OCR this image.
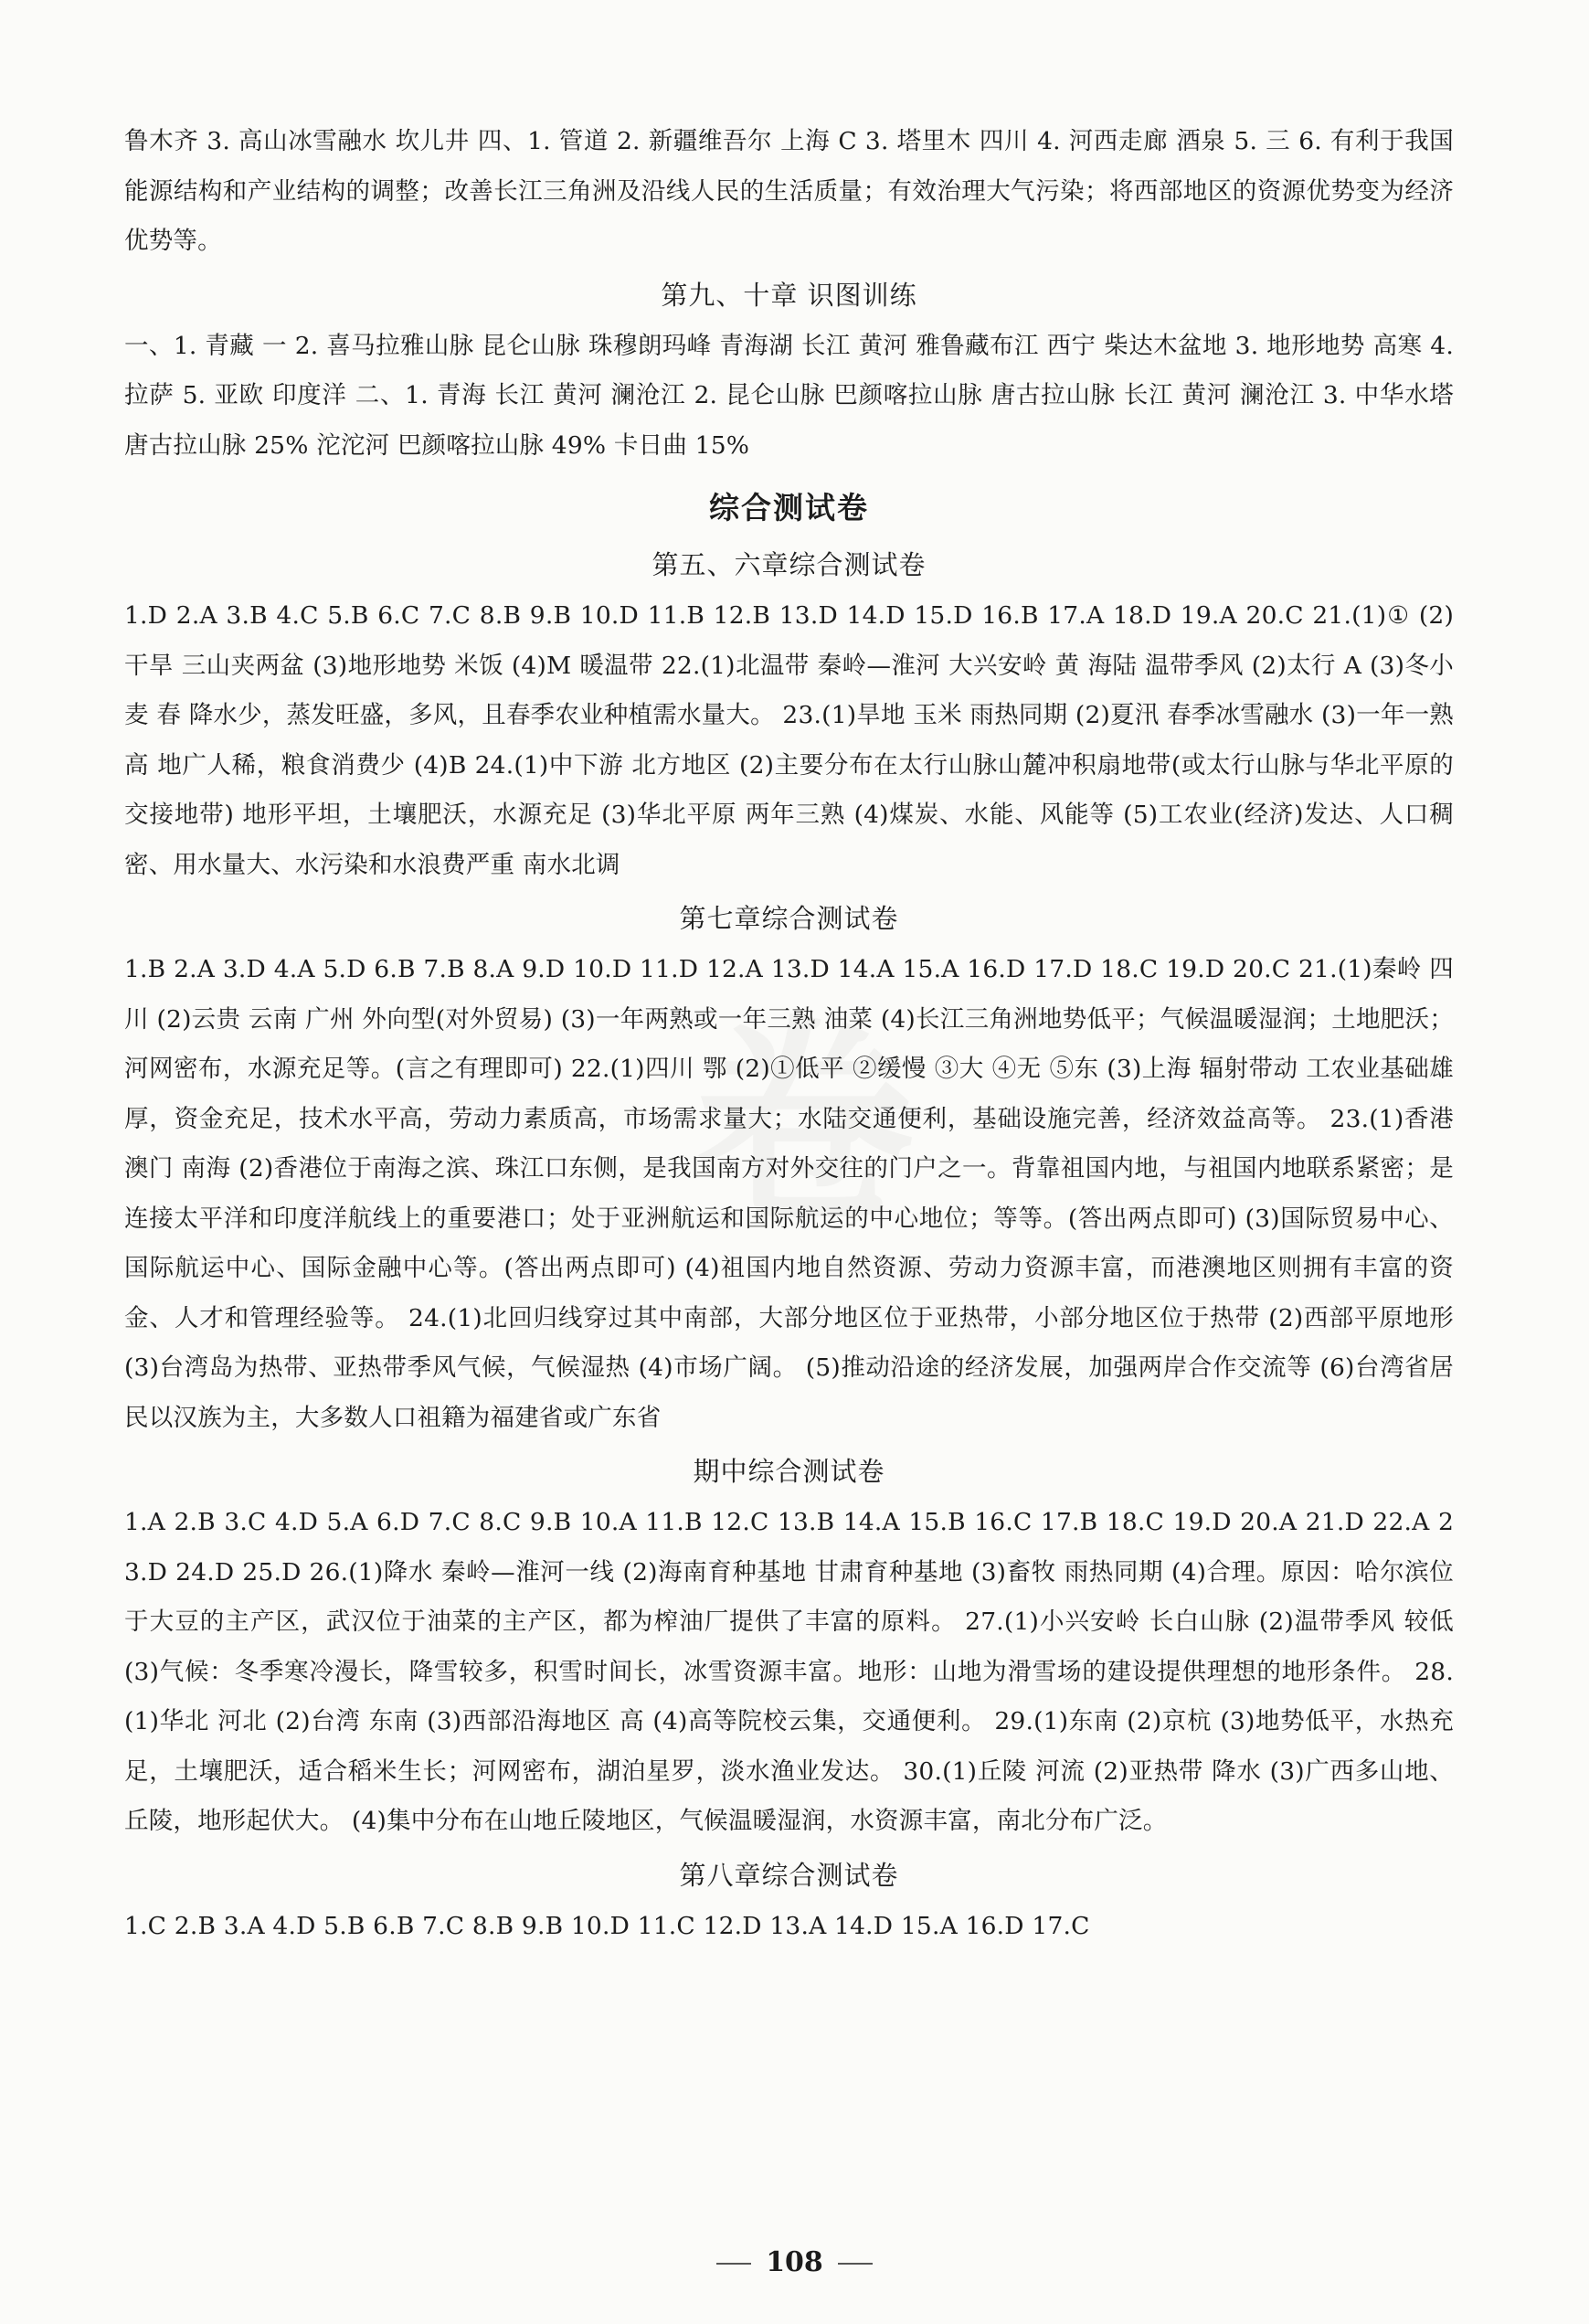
鲁木齐 3. 高山冰雪融水 坎儿井 四、1. 管道 2. 新疆维吾尔 上海 C 3. 塔里木 四川 4. 河西走廊 酒泉 5. 三 6. 有利于我国能源结构和产业结构的调整；改善长江三角洲及沿线人民的生活质量；有效治理大气污染；将西部地区的资源优势变为经济优势等。

第九、十章 识图训练

一、1. 青藏 一 2. 喜马拉雅山脉 昆仑山脉 珠穆朗玛峰 青海湖 长江 黄河 雅鲁藏布江 西宁 柴达木盆地 3. 地形地势 高寒 4. 拉萨 5. 亚欧 印度洋 二、1. 青海 长江 黄河 澜沧江 2. 昆仑山脉 巴颜喀拉山脉 唐古拉山脉 长江 黄河 澜沧江 3. 中华水塔 唐古拉山脉 25% 沱沱河 巴颜喀拉山脉 49% 卡日曲 15%

综合测试卷
第五、六章综合测试卷

1.D 2.A 3.B 4.C 5.B 6.C 7.C 8.B 9.B 10.D 11.B 12.B 13.D 14.D 15.D 16.B 17.A 18.D 19.A 20.C 21.(1)① (2)干旱 三山夹两盆 (3)地形地势 米饭 (4)M 暖温带 22.(1)北温带 秦岭—淮河 大兴安岭 黄 海陆 温带季风 (2)太行 A (3)冬小麦 春 降水少，蒸发旺盛，多风，且春季农业种植需水量大。 23.(1)旱地 玉米 雨热同期 (2)夏汛 春季冰雪融水 (3)一年一熟 高 地广人稀，粮食消费少 (4)B 24.(1)中下游 北方地区 (2)主要分布在太行山脉山麓冲积扇地带(或太行山脉与华北平原的交接地带) 地形平坦，土壤肥沃，水源充足 (3)华北平原 两年三熟 (4)煤炭、水能、风能等 (5)工农业(经济)发达、人口稠密、用水量大、水污染和水浪费严重 南水北调

第七章综合测试卷

1.B 2.A 3.D 4.A 5.D 6.B 7.B 8.A 9.D 10.D 11.D 12.A 13.D 14.A 15.A 16.D 17.D 18.C 19.D 20.C 21.(1)秦岭 四川 (2)云贵 云南 广州 外向型(对外贸易) (3)一年两熟或一年三熟 油菜 (4)长江三角洲地势低平；气候温暖湿润；土地肥沃；河网密布，水源充足等。(言之有理即可) 22.(1)四川 鄂 (2)①低平 ②缓慢 ③大 ④无 ⑤东 (3)上海 辐射带动 工农业基础雄厚，资金充足，技术水平高，劳动力素质高，市场需求量大；水陆交通便利，基础设施完善，经济效益高等。 23.(1)香港 澳门 南海 (2)香港位于南海之滨、珠江口东侧，是我国南方对外交往的门户之一。背靠祖国内地，与祖国内地联系紧密；是连接太平洋和印度洋航线上的重要港口；处于亚洲航运和国际航运的中心地位；等等。(答出两点即可) (3)国际贸易中心、国际航运中心、国际金融中心等。(答出两点即可) (4)祖国内地自然资源、劳动力资源丰富，而港澳地区则拥有丰富的资金、人才和管理经验等。 24.(1)北回归线穿过其中南部，大部分地区位于亚热带，小部分地区位于热带 (2)西部平原地形 (3)台湾岛为热带、亚热带季风气候，气候湿热 (4)市场广阔。 (5)推动沿途的经济发展，加强两岸合作交流等 (6)台湾省居民以汉族为主，大多数人口祖籍为福建省或广东省

期中综合测试卷

1.A 2.B 3.C 4.D 5.A 6.D 7.C 8.C 9.B 10.A 11.B 12.C 13.B 14.A 15.B 16.C 17.B 18.C 19.D 20.A 21.D 22.A 23.D 24.D 25.D 26.(1)降水 秦岭—淮河一线 (2)海南育种基地 甘肃育种基地 (3)畜牧 雨热同期 (4)合理。原因：哈尔滨位于大豆的主产区，武汉位于油菜的主产区，都为榨油厂提供了丰富的原料。 27.(1)小兴安岭 长白山脉 (2)温带季风 较低 (3)气候：冬季寒冷漫长，降雪较多，积雪时间长，冰雪资源丰富。地形：山地为滑雪场的建设提供理想的地形条件。 28.(1)华北 河北 (2)台湾 东南 (3)西部沿海地区 高 (4)高等院校云集，交通便利。 29.(1)东南 (2)京杭 (3)地势低平，水热充足，土壤肥沃，适合稻米生长；河网密布，湖泊星罗，淡水渔业发达。 30.(1)丘陵 河流 (2)亚热带 降水 (3)广西多山地、丘陵，地形起伏大。 (4)集中分布在山地丘陵地区，气候温暖湿润，水资源丰富，南北分布广泛。

第八章综合测试卷

1.C 2.B 3.A 4.D 5.B 6.B 7.C 8.B 9.B 10.D 11.C 12.D 13.A 14.D 15.A 16.D 17.C

108
